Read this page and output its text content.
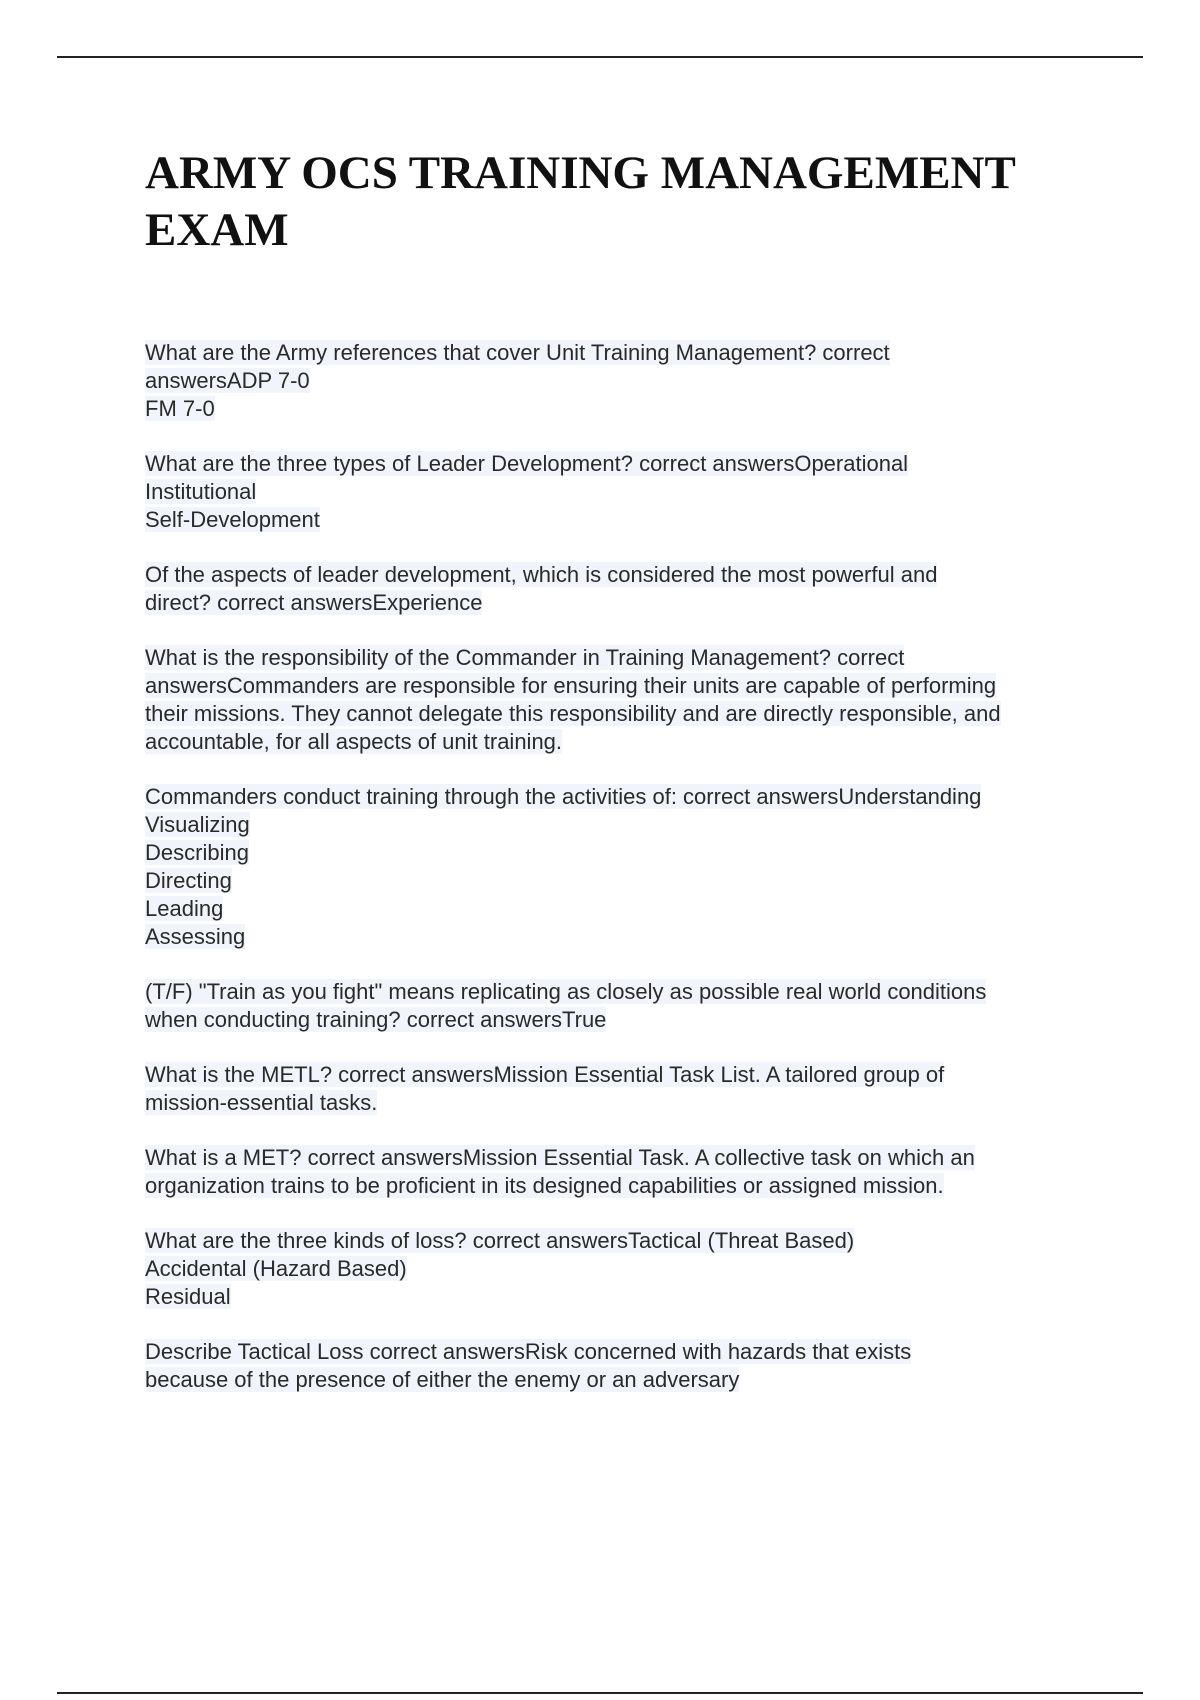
ARMY OCS TRAINING MANAGEMENT
EXAM
What are the Army references that cover Unit Training Management? correct
answersADP 7-0
FM 7-0
What are the three types of Leader Development? correct answersOperational
Institutional
Self-Development
Of the aspects of leader development, which is considered the most powerful and
direct? correct answersExperience
What is the responsibility of the Commander in Training Management? correct
answersCommanders are responsible for ensuring their units are capable of performing
their missions. They cannot delegate this responsibility and are directly responsible, and
accountable, for all aspects of unit training.
Commanders conduct training through the activities of: correct answersUnderstanding
Visualizing
Describing
Directing
Leading
Assessing
(T/F) "Train as you fight" means replicating as closely as possible real world conditions
when conducting training? correct answersTrue
What is the METL? correct answersMission Essential Task List. A tailored group of
mission-essential tasks.
What is a MET? correct answersMission Essential Task. A collective task on which an
organization trains to be proficient in its designed capabilities or assigned mission.
What are the three kinds of loss? correct answersTactical (Threat Based)
Accidental (Hazard Based)
Residual
Describe Tactical Loss correct answersRisk concerned with hazards that exists
because of the presence of either the enemy or an adversary
